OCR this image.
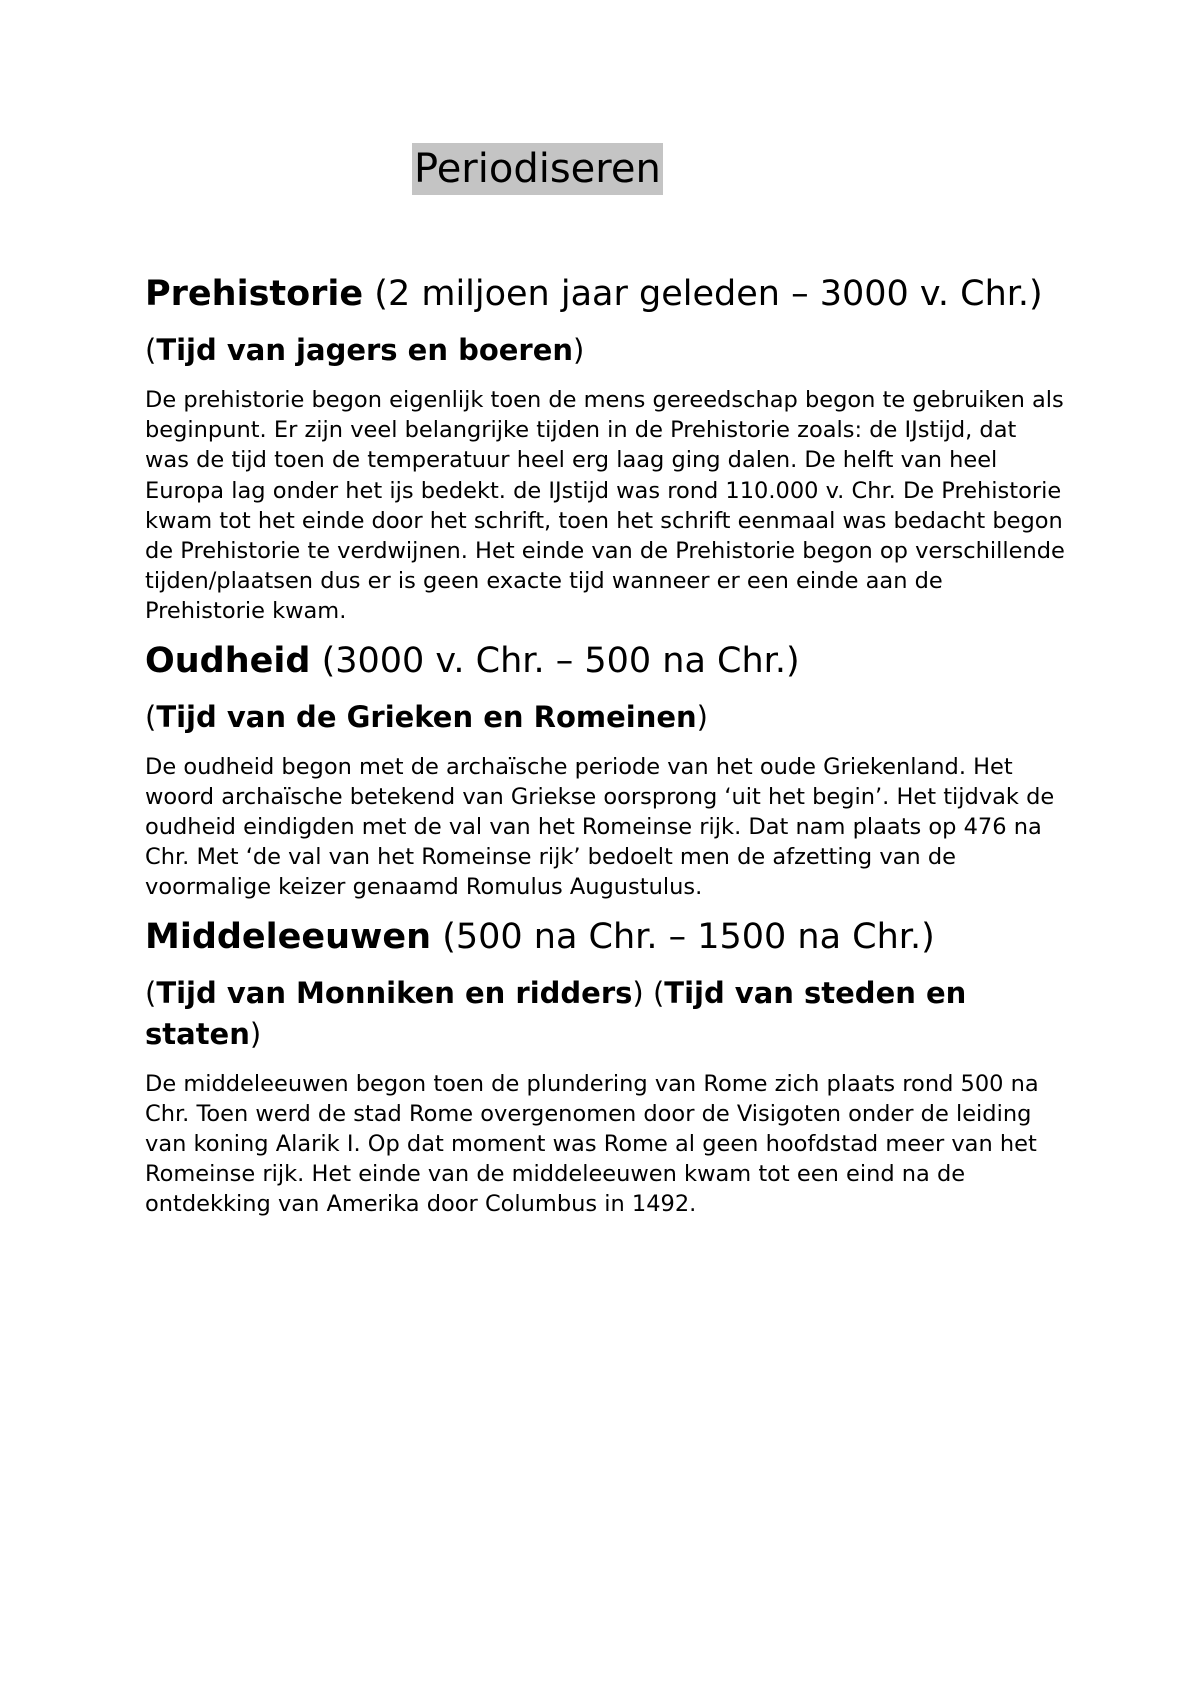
Periodiseren
Prehistorie (2 miljoen jaar geleden – 3000 v. Chr.)
(Tijd van jagers en boeren)

De prehistorie begon eigenlijk toen de mens gereedschap begon te gebruiken als beginpunt. Er zijn veel belangrijke tijden in de Prehistorie zoals: de IJstijd, dat was de tijd toen de temperatuur heel erg laag ging dalen. De helft van heel Europa lag onder het ijs bedekt. de IJstijd was rond 110.000 v. Chr. De Prehistorie kwam tot het einde door het schrift, toen het schrift eenmaal was bedacht begon de Prehistorie te verdwijnen. Het einde van de Prehistorie begon op verschillende tijden/plaatsen dus er is geen exacte tijd wanneer er een einde aan de Prehistorie kwam.

Oudheid (3000 v. Chr. – 500 na Chr.)
(Tijd van de Grieken en Romeinen)

De oudheid begon met de archaïsche periode van het oude Griekenland. Het woord archaïsche betekend van Griekse oorsprong ‘uit het begin’. Het tijdvak de oudheid eindigden met de val van het Romeinse rijk. Dat nam plaats op 476 na Chr. Met ‘de val van het Romeinse rijk’ bedoelt men de afzetting van de voormalige keizer genaamd Romulus Augustulus.

Middeleeuwen (500 na Chr. – 1500 na Chr.)
(Tijd van Monniken en ridders) (Tijd van steden en staten)

De middeleeuwen begon toen de plundering van Rome zich plaats rond 500 na Chr. Toen werd de stad Rome overgenomen door de Visigoten onder de leiding van koning Alarik I. Op dat moment was Rome al geen hoofdstad meer van het Romeinse rijk. Het einde van de middeleeuwen kwam tot een eind na de ontdekking van Amerika door Columbus in 1492.
